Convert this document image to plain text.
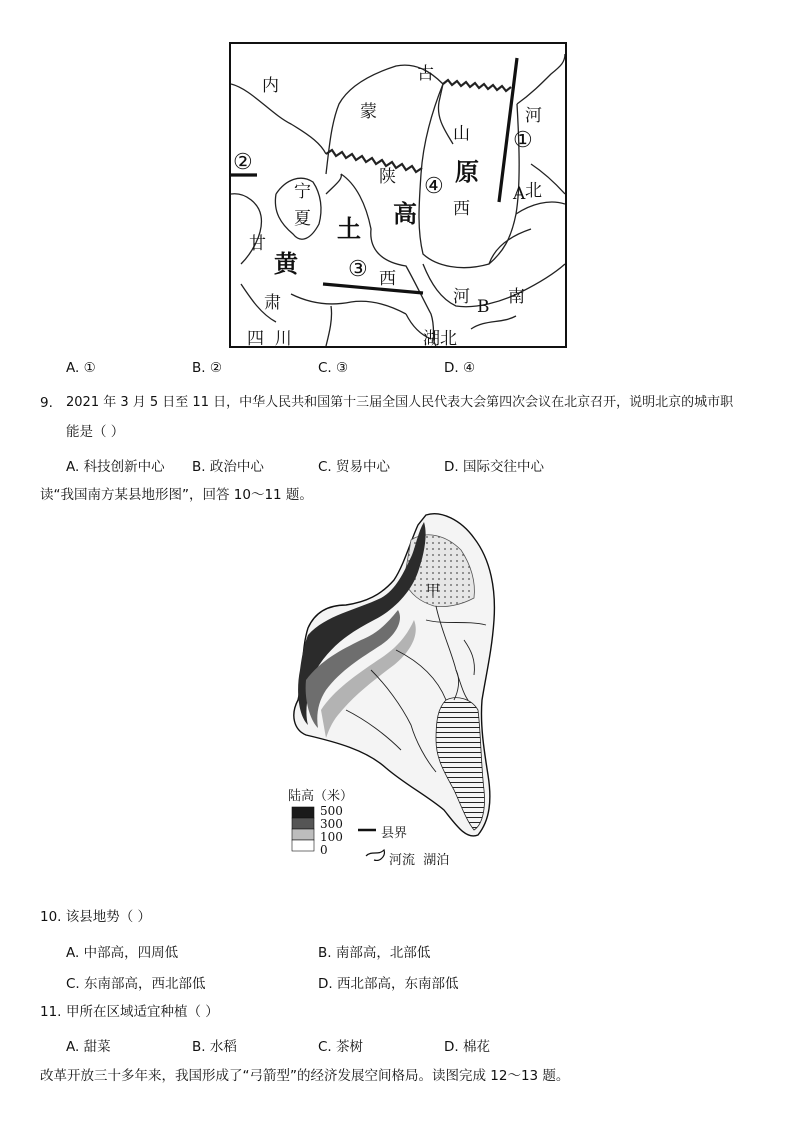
内
古
蒙
山
原
西
河
①
A 北
②
④
陕
高
宁
夏 土
甘
黄 ③ 西
肃	河 B 南
四  川	湖北
A. ①	B. ②	C. ③	D. ④
9. 2021 年 3 月 5 日至 11 日，中华人民共和国第十三届全国人民代表大会第四次会议在北京召开，说明北京的城市职
能是（ ）
A. 科技创新中心 B. 政治中心	C. 贸易中心	D. 国际交往中心
读“我国南方某县地形图”，回答 10～11 题。
甲
陆高（米）
500
300
100
0
县界
河流  湖泊
10. 该县地势（ ）
A. 中部高，四周低	B. 南部高，北部低
C. 东南部高，西北部低	D. 西北部高，东南部低
11. 甲所在区域适宜种植（ ）
A. 甜菜	B. 水稻	C. 茶树	D. 棉花
改革开放三十多年来，我国形成了“弓箭型”的经济发展空间格局。读图完成 12～13 题。
